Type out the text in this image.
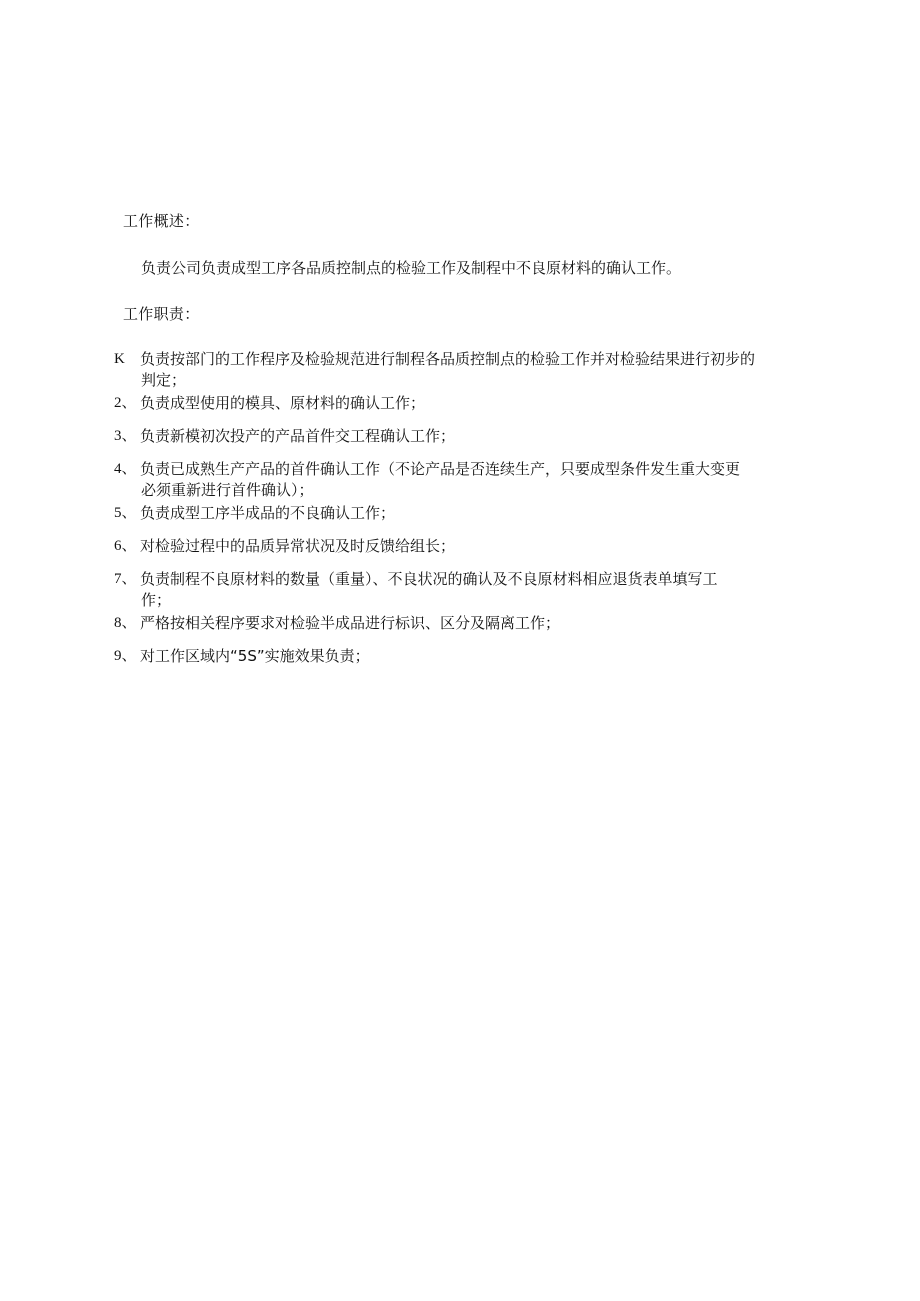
工作概述：
负责公司负责成型工序各品质控制点的检验工作及制程中不良原材料的确认工作。
工作职责：
K 负责按部门的工作程序及检验规范进行制程各品质控制点的检验工作并对检验结果进行初步的
判定；
2、 负责成型使用的模具、原材料的确认工作；
3、 负责新模初次投产的产品首件交工程确认工作；
4、 负责已成熟生产产品的首件确认工作（不论产品是否连续生产，只要成型条件发生重大变更
必须重新进行首件确认）；
5、 负责成型工序半成品的不良确认工作；
6、 对检验过程中的品质异常状况及时反馈给组长；
7、 负责制程不良原材料的数量（重量）、不良状况的确认及不良原材料相应退货表单填写工
作；
8、 严格按相关程序要求对检验半成品进行标识、区分及隔离工作；
9、 对工作区域内“5S”实施效果负责；
